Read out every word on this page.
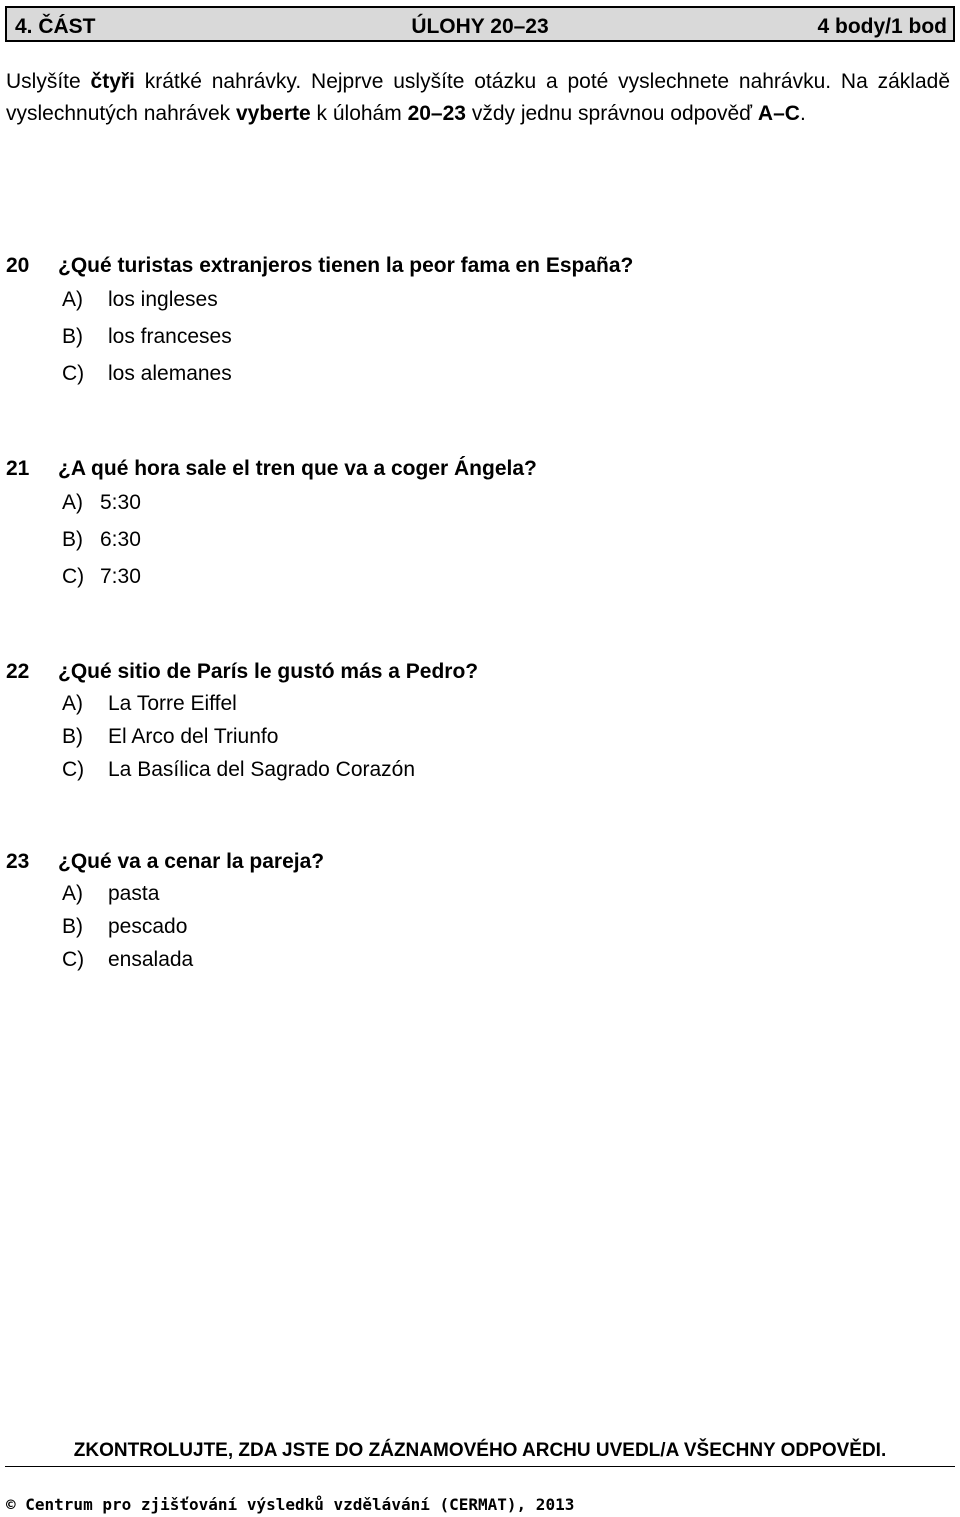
ÚLOHY 20–23
4. ČÁST	4 body/1 bod
Uslyšíte čtyři krátké nahrávky. Nejprve uslyšíte otázku a poté vyslechnete nahrávku. Na základě vyslechnutých nahrávek vyberte k úlohám 20–23 vždy jednu správnou odpověď A–C.
20 ¿Qué turistas extranjeros tienen la peor fama en España?
A) los ingleses
B) los franceses
C) los alemanes
21 ¿A qué hora sale el tren que va a coger Ángela?
A) 5:30
B) 6:30
C) 7:30
22 ¿Qué sitio de París le gustó más a Pedro?
A) La Torre Eiffel
B) El Arco del Triunfo
C) La Basílica del Sagrado Corazón
23 ¿Qué va a cenar la pareja?
A) pasta
B) pescado
C) ensalada
ZKONTROLUJTE, ZDA JSTE DO ZÁZNAMOVÉHO ARCHU UVEDL/A VŠECHNY ODPOVĚDI.
© Centrum pro zjišťování výsledků vzdělávání (CERMAT), 2013
